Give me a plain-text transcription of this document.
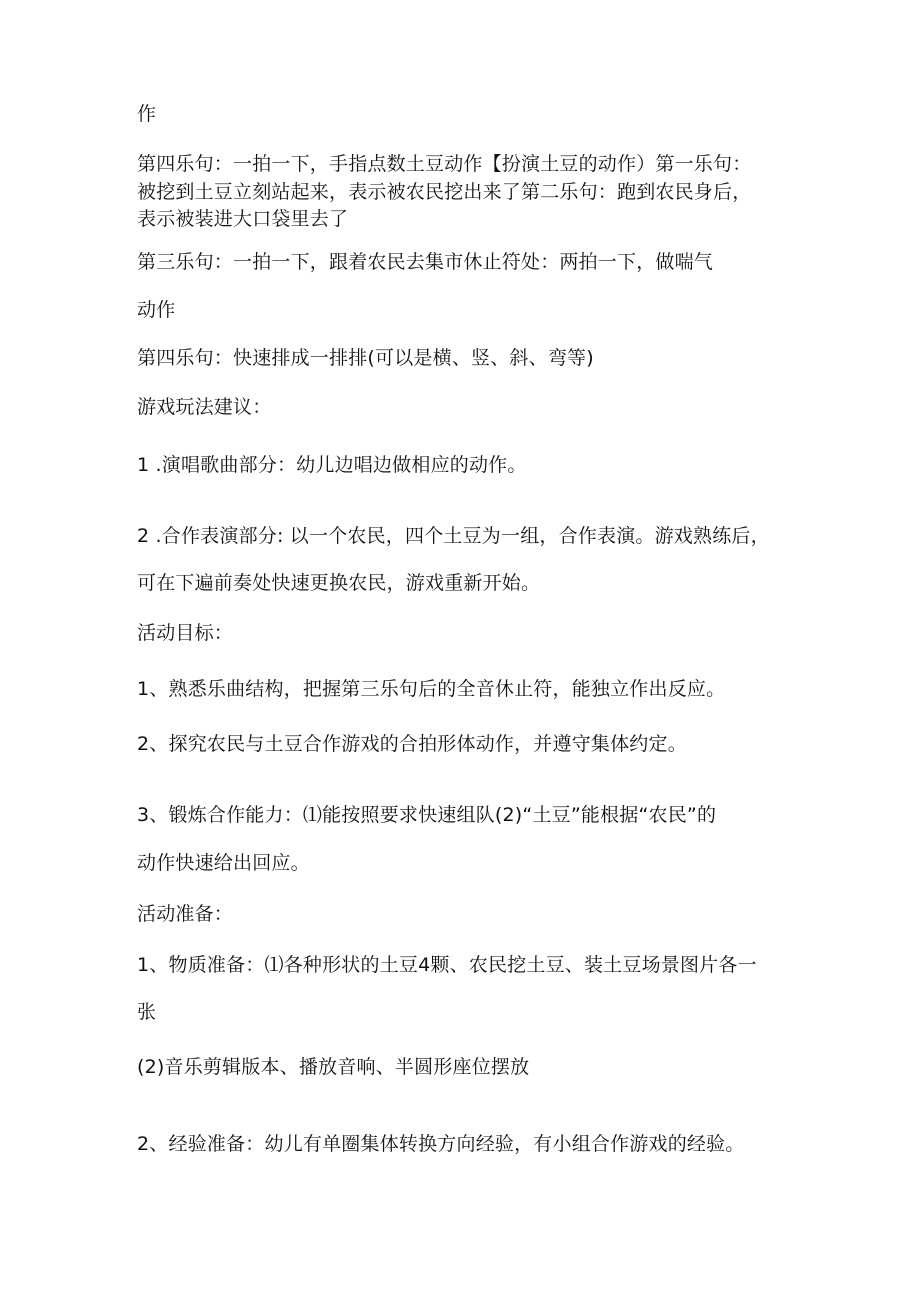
作
第四乐句：一拍一下，手指点数土豆动作【扮演土豆的动作）第一乐句：
被挖到土豆立刻站起来，表示被农民挖出来了第二乐句：跑到农民身后，
表示被装进大口袋里去了
第三乐句：一拍一下，跟着农民去集市休止符处：两拍一下，做喘气
动作
第四乐句：快速排成一排排(可以是横、竖、斜、弯等)
游戏玩法建议：
1 .演唱歌曲部分：幼儿边唱边做相应的动作。
2 .合作表演部分: 以一个农民，四个土豆为一组，合作表演。游戏熟练后，
可在下遍前奏处快速更换农民，游戏重新开始。
活动目标：
1、熟悉乐曲结构，把握第三乐句后的全音休止符，能独立作出反应。
2、探究农民与土豆合作游戏的合拍形体动作，并遵守集体约定。
3、锻炼合作能力：⑴能按照要求快速组队(2)“土豆”能根据“农民”的
动作快速给出回应。
活动准备：
1、物质准备：⑴各种形状的土豆4颗、农民挖土豆、装土豆场景图片各一
张
(2)音乐剪辑版本、播放音响、半圆形座位摆放
2、经验准备：幼儿有单圈集体转换方向经验，有小组合作游戏的经验。
